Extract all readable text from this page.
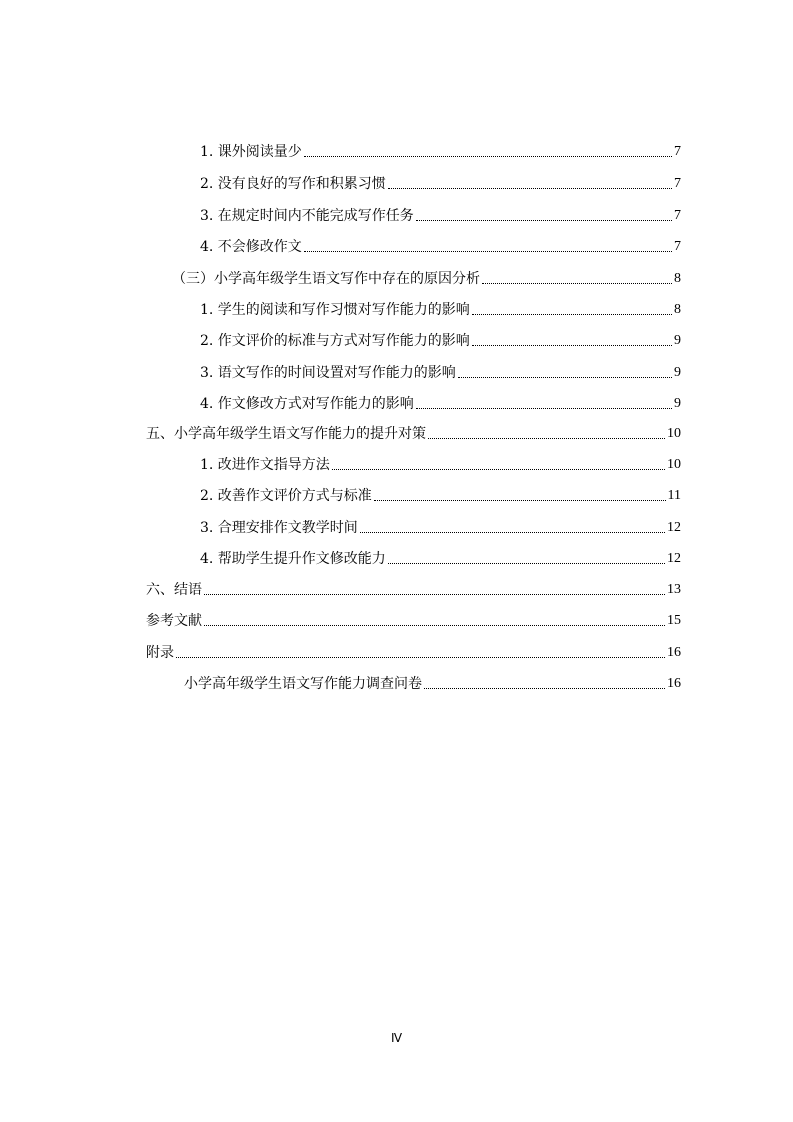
1. 课外阅读量少	7
2. 没有良好的写作和积累习惯	7
3. 在规定时间内不能完成写作任务	7
4. 不会修改作文	7
（三）小学高年级学生语文写作中存在的原因分析	8
1. 学生的阅读和写作习惯对写作能力的影响	8
2. 作文评价的标准与方式对写作能力的影响	9
3. 语文写作的时间设置对写作能力的影响	9
4. 作文修改方式对写作能力的影响	9
五、小学高年级学生语文写作能力的提升对策	10
1. 改进作文指导方法	10
2. 改善作文评价方式与标准	11
3. 合理安排作文教学时间	12
4. 帮助学生提升作文修改能力	12
六、结语	13
参考文献	15
附录	16
小学高年级学生语文写作能力调查问卷	16
Ⅳ
